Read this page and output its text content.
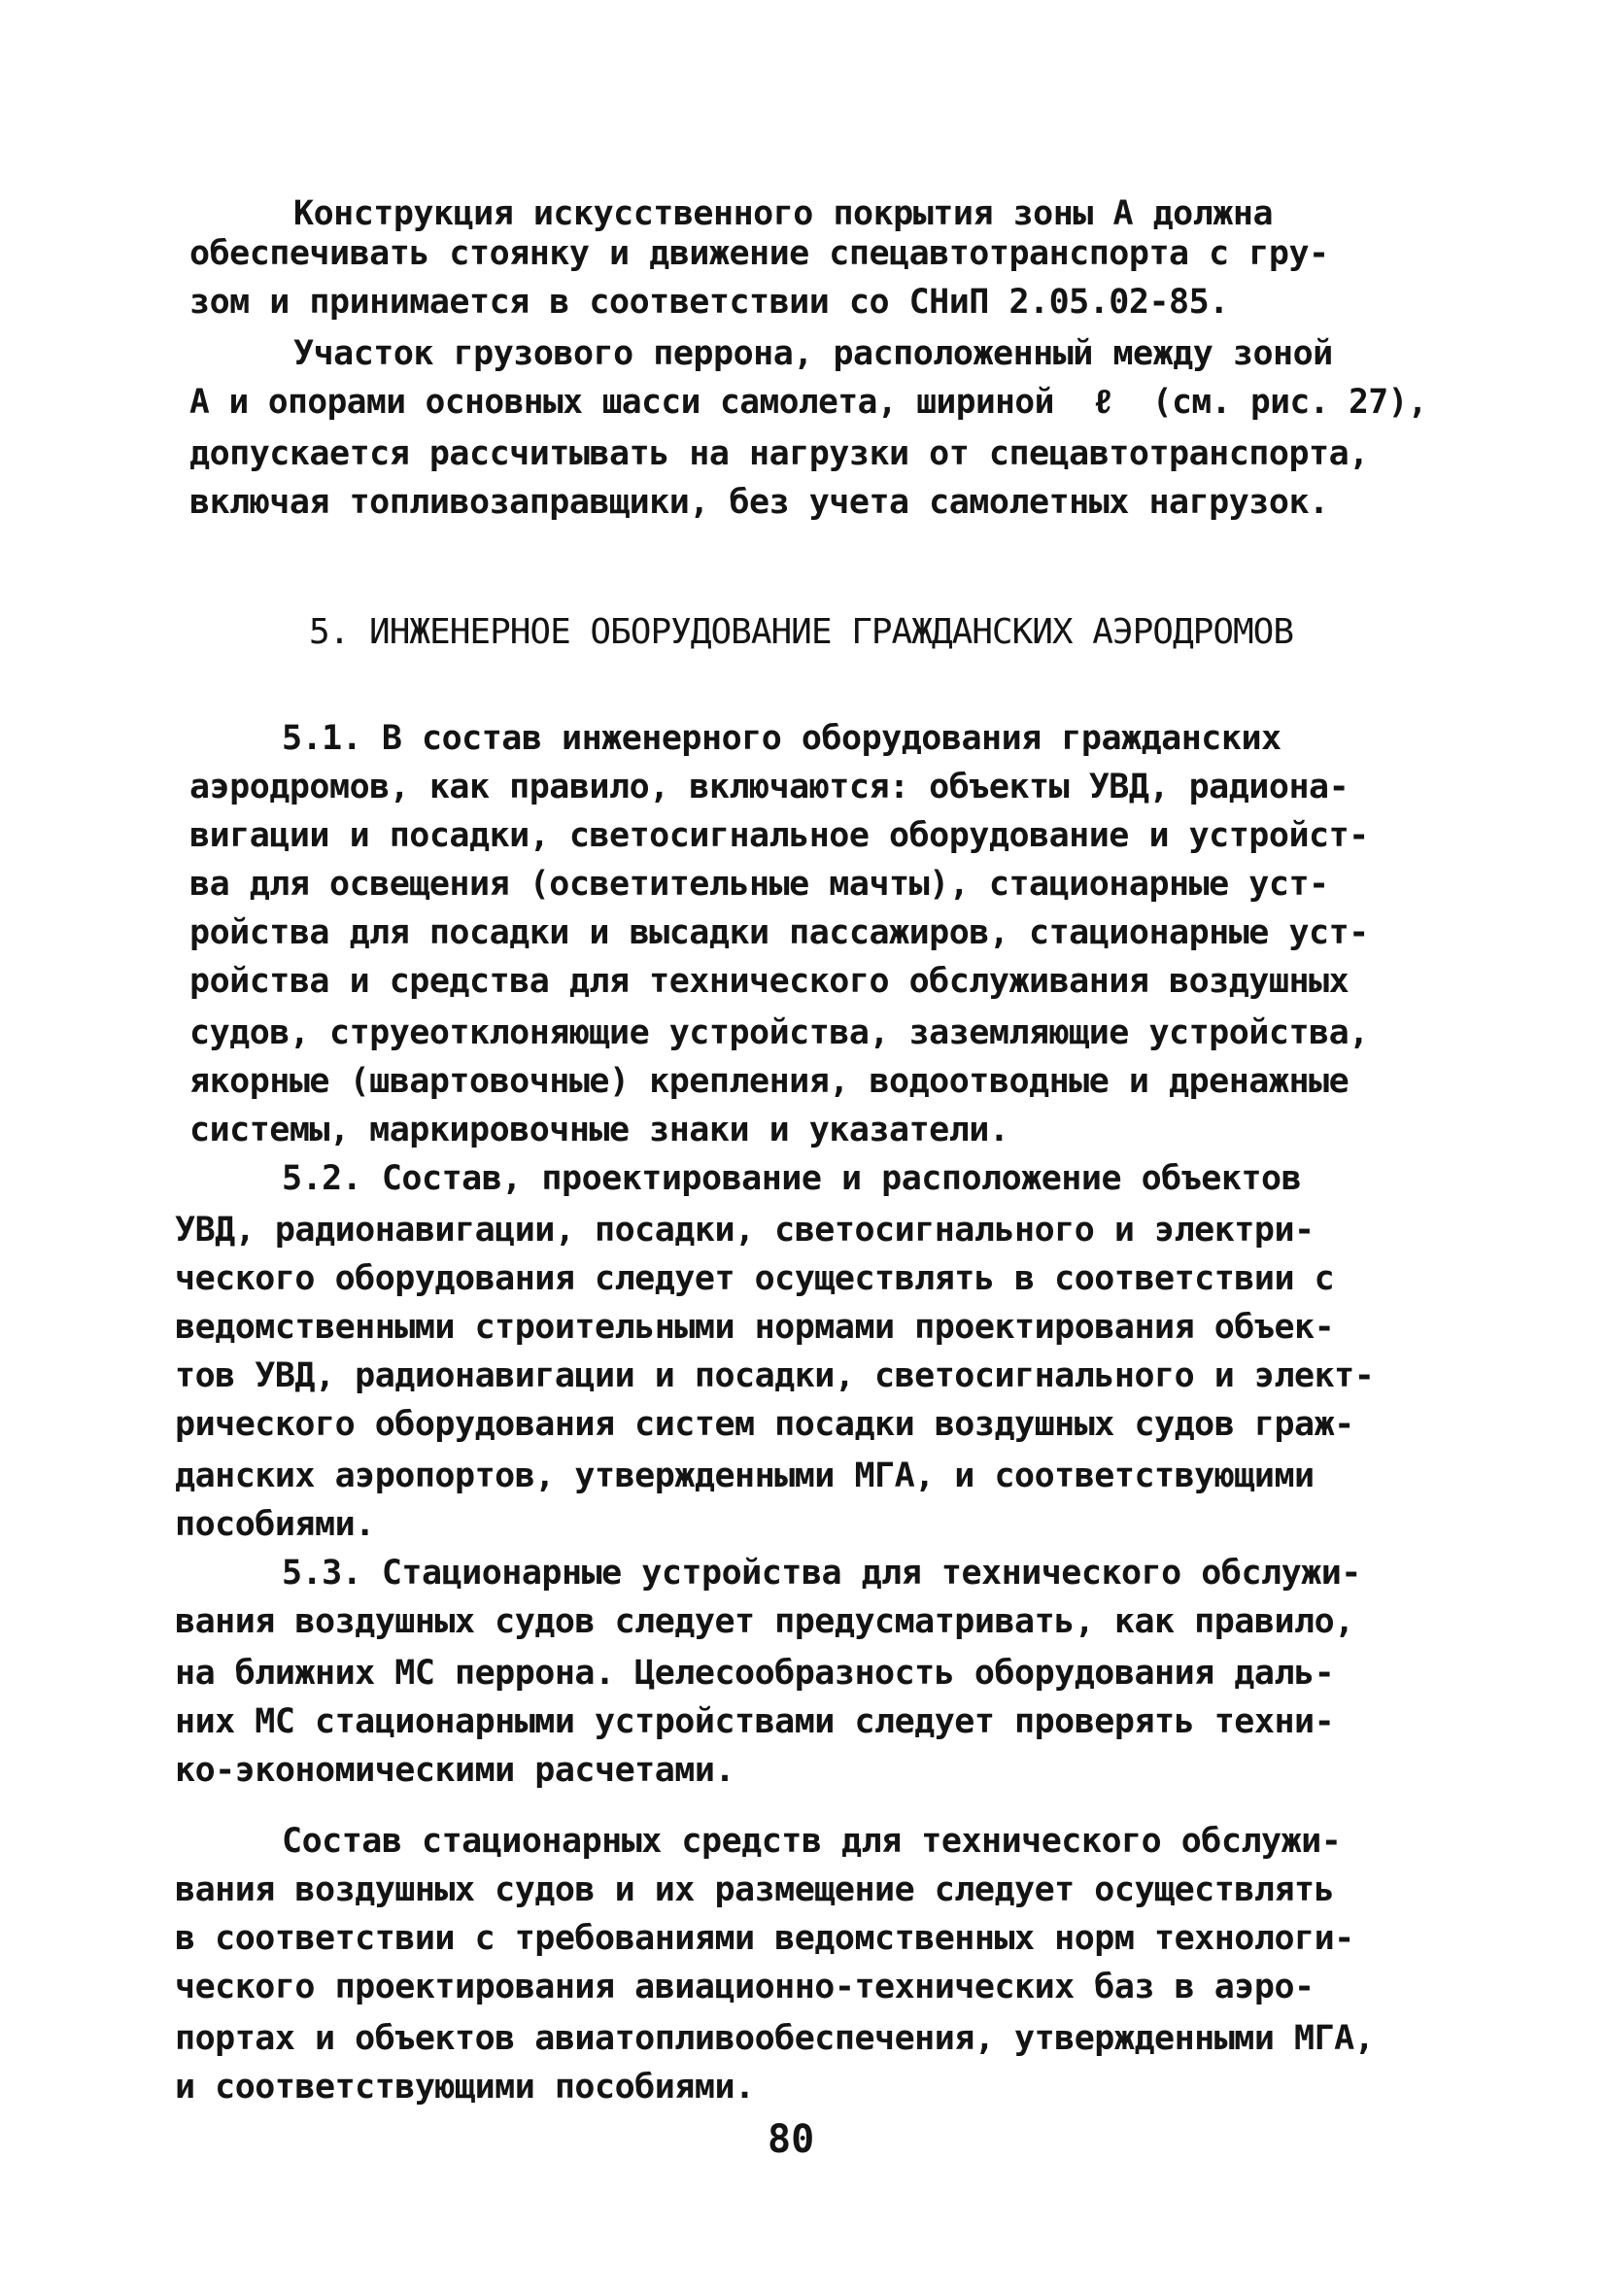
Конструкция искусственного покрытия зоны А должна
обеспечивать стоянку и движение спецавтотранспорта с гру-
зом и принимается в соответствии со СНиП 2.05.02-85.
Участок грузового перрона, расположенный между зоной
А и опорами основных шасси самолета, шириной  ℓ  (см. рис. 27),
допускается рассчитывать на нагрузки от спецавтотранспорта,
включая топливозаправщики, без учета самолетных нагрузок.
5. ИНЖЕНЕРНОЕ ОБОРУДОВАНИЕ ГРАЖДАНСКИХ АЭРОДРОМОВ
5.1. В состав инженерного оборудования гражданских
аэродромов, как правило, включаются: объекты УВД, радиона-
вигации и посадки, светосигнальное оборудование и устройст-
ва для освещения (осветительные мачты), стационарные уст-
ройства для посадки и высадки пассажиров, стационарные уст-
ройства и средства для технического обслуживания воздушных
судов, струеотклоняющие устройства, заземляющие устройства,
якорные (швартовочные) крепления, водоотводные и дренажные
системы, маркировочные знаки и указатели.
5.2. Состав, проектирование и расположение объектов
УВД, радионавигации, посадки, светосигнального и электри-
ческого оборудования следует осуществлять в соответствии с
ведомственными строительными нормами проектирования объек-
тов УВД, радионавигации и посадки, светосигнального и элект-
рического оборудования систем посадки воздушных судов граж-
данских аэропортов, утвержденными МГА, и соответствующими
пособиями.
5.3. Стационарные устройства для технического обслужи-
вания воздушных судов следует предусматривать, как правило,
на ближних МС перрона. Целесообразность оборудования даль-
них МС стационарными устройствами следует проверять техни-
ко-экономическими расчетами.
Состав стационарных средств для технического обслужи-
вания воздушных судов и их размещение следует осуществлять
в соответствии с требованиями ведомственных норм технологи-
ческого проектирования авиационно-технических баз в аэро-
портах и объектов авиатопливообеспечения, утвержденными МГА,
и соответствующими пособиями.
80
